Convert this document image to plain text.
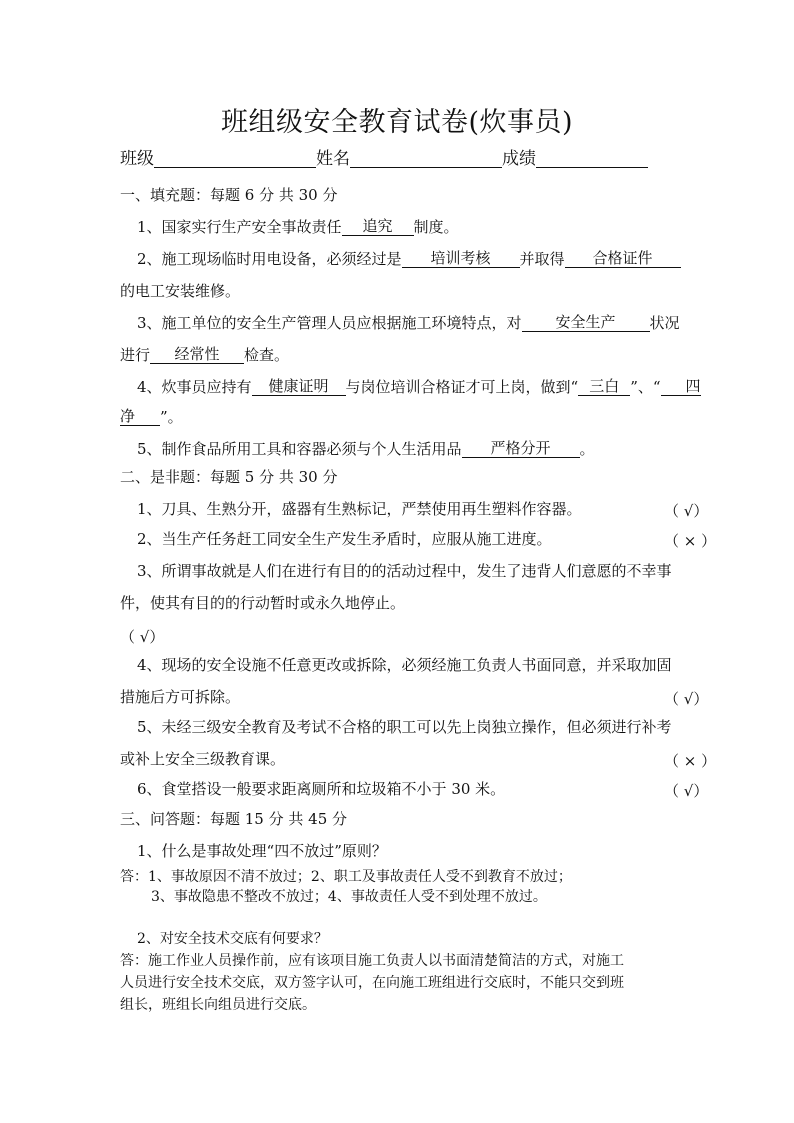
班组级安全教育试卷(炊事员)
班级	姓名	成绩
一、填充题：每题 6 分 共 30 分
1、国家实行生产安全事故责任 追究 制度。
2、施工现场临时用电设备，必须经过是 培训考核 并取得 合格证件
的电工安装维修。
3、施工单位的安全生产管理人员应根据施工环境特点，对 安全生产 状况
进行 经常性 检查。
4、炊事员应持有 健康证明 与岗位培训合格证才可上岗，做到“ 三白 ”、“ 四
净 ”。
5、制作食品所用工具和容器必须与个人生活用品 严格分开 。
二、是非题：每题 5 分 共 30 分
1、刀具、生熟分开，盛器有生熟标记，严禁使用再生塑料作容器。	（ √）
2、当生产任务赶工同安全生产发生矛盾时，应服从施工进度。	（ × ）
3、所谓事故就是人们在进行有目的的活动过程中，发生了违背人们意愿的不幸事
件，使其有目的的行动暂时或永久地停止。
（ √）
4、现场的安全设施不任意更改或拆除，必须经施工负责人书面同意，并采取加固
措施后方可拆除。	（ √）
5、未经三级安全教育及考试不合格的职工可以先上岗独立操作，但必须进行补考
或补上安全三级教育课。	（ × ）
6、食堂搭设一般要求距离厕所和垃圾箱不小于 30 米。	（ √）
三、问答题：每题 15 分 共 45 分
1、什么是事故处理“四不放过”原则？
答：1、事故原因不清不放过；2、职工及事故责任人受不到教育不放过；
3、事故隐患不整改不放过；4、事故责任人受不到处理不放过。
2、对安全技术交底有何要求？
答：施工作业人员操作前，应有该项目施工负责人以书面清楚简洁的方式，对施工
人员进行安全技术交底，双方签字认可，在向施工班组进行交底时，不能只交到班
组长，班组长向组员进行交底。
